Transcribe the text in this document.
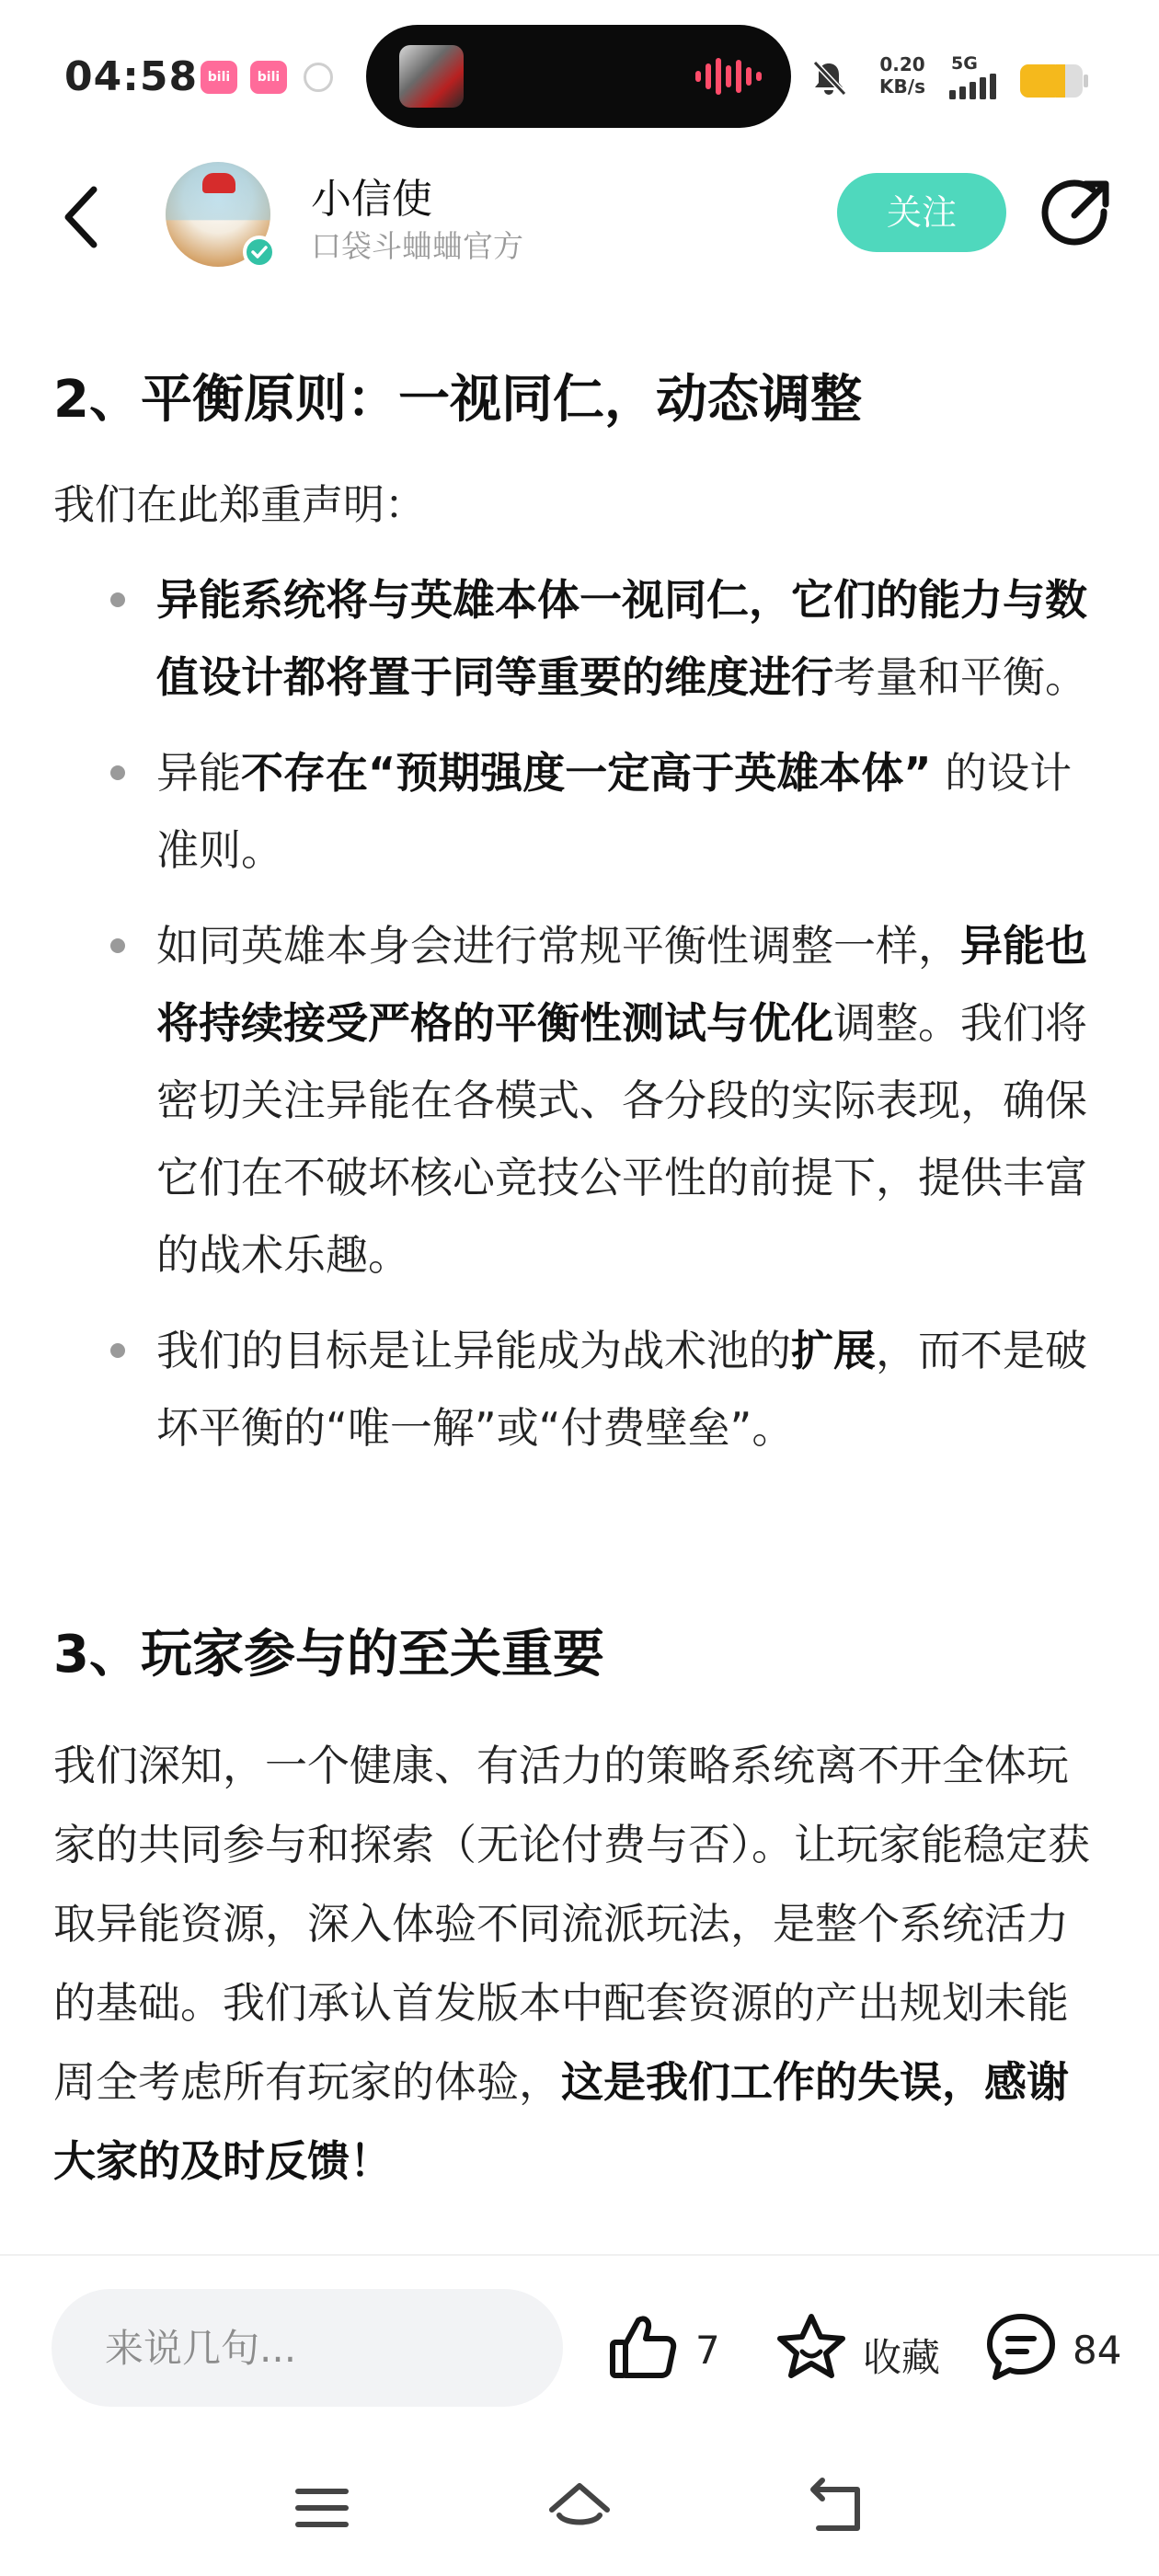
04:58 bili	bili
0.20
KB/s
5G
小信使
口袋斗蛐蛐官方
关注
2、平衡原则：一视同仁，动态调整
我们在此郑重声明：
异能系统将与英雄本体一视同仁，它们的能力与数值设计都将置于同等重要的维度进行考量和平衡。
异能不存在“预期强度一定高于英雄本体” 的设计准则。
如同英雄本身会进行常规平衡性调整一样，异能也将持续接受严格的平衡性测试与优化调整。我们将密切关注异能在各模式、各分段的实际表现，确保它们在不破坏核心竞技公平性的前提下，提供丰富的战术乐趣。
我们的目标是让异能成为战术池的扩展，而不是破坏平衡的“唯一解”或“付费壁垒”。
3、玩家参与的至关重要
我们深知，一个健康、有活力的策略系统离不开全体玩家的共同参与和探索（无论付费与否）。让玩家能稳定获取异能资源，深入体验不同流派玩法，是整个系统活力的基础。我们承认首发版本中配套资源的产出规划未能周全考虑所有玩家的体验，这是我们工作的失误，感谢大家的及时反馈！
来说几句...
7	收藏	84
